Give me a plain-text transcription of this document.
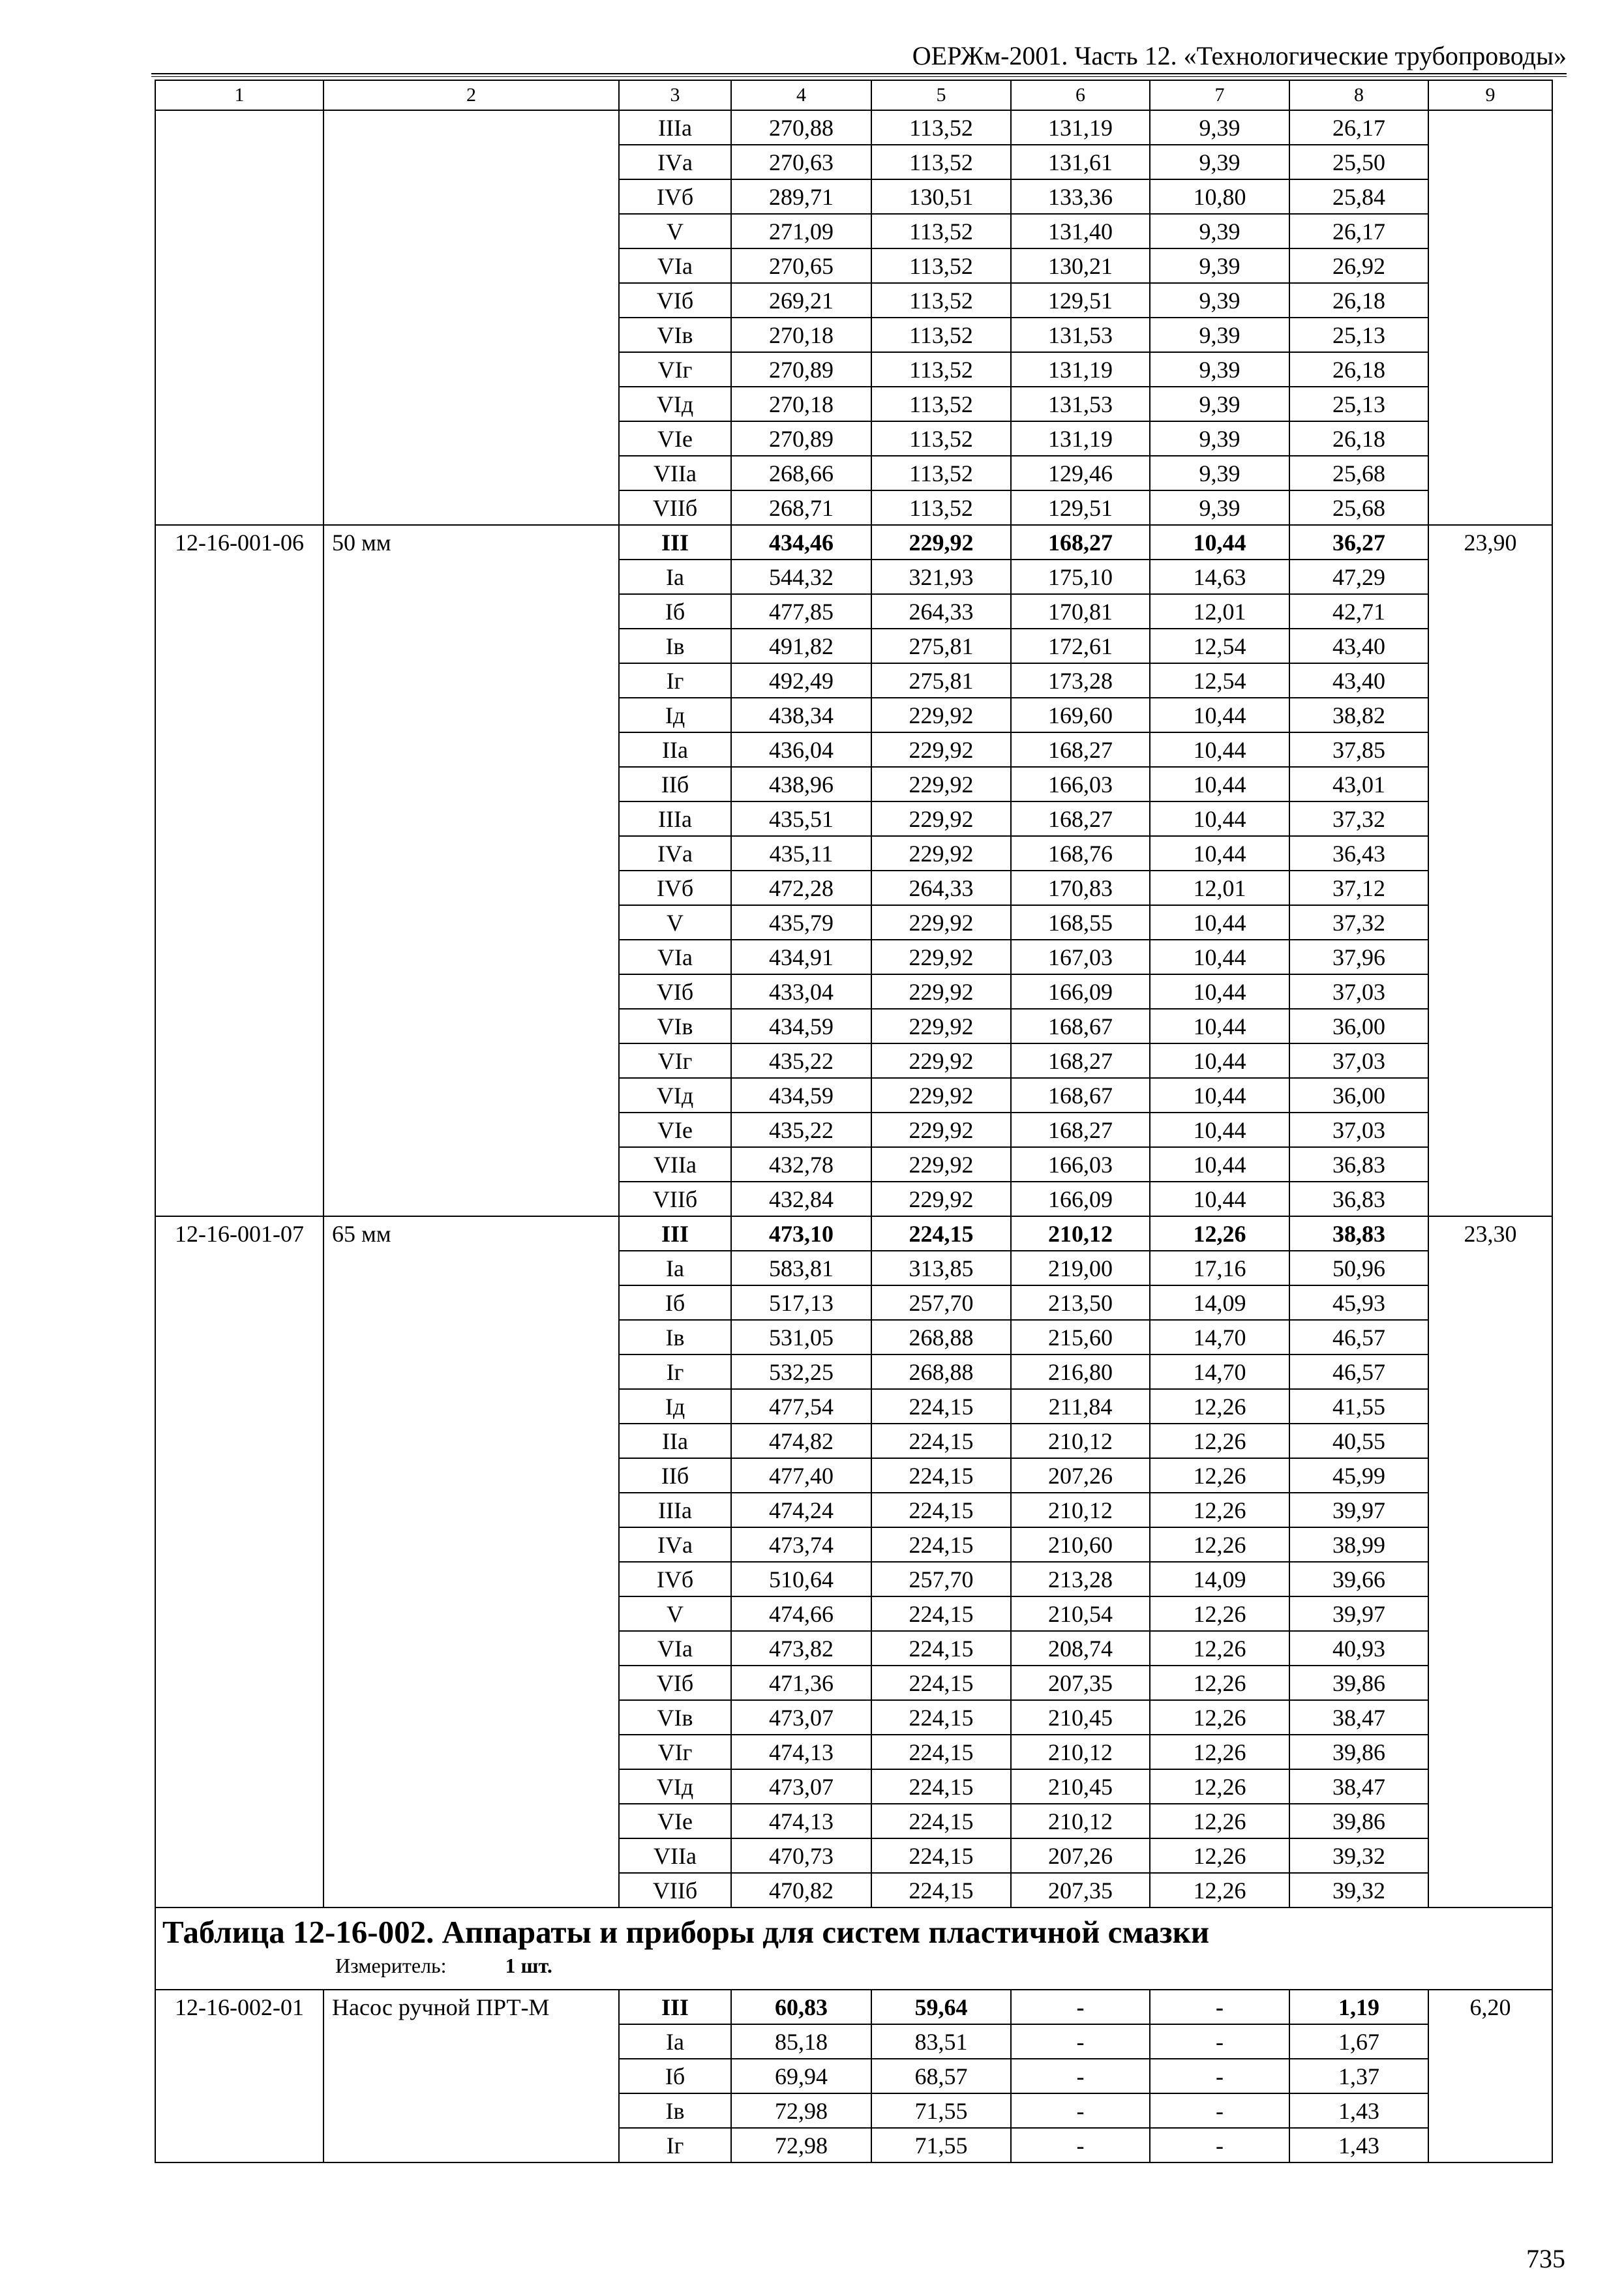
ОЕРЖм-2001. Часть 12. «Технологические трубопроводы»
1	2	3	4	5	6	7	8	9
		IIIа	270,88	113,52	131,19	9,39	26,17	
		IVа	270,63	113,52	131,61	9,39	25,50	
		IVб	289,71	130,51	133,36	10,80	25,84	
		V	271,09	113,52	131,40	9,39	26,17	
		VIа	270,65	113,52	130,21	9,39	26,92	
		VIб	269,21	113,52	129,51	9,39	26,18	
		VIв	270,18	113,52	131,53	9,39	25,13	
		VIг	270,89	113,52	131,19	9,39	26,18	
		VIд	270,18	113,52	131,53	9,39	25,13	
		VIе	270,89	113,52	131,19	9,39	26,18	
		VIIа	268,66	113,52	129,46	9,39	25,68	
		VIIб	268,71	113,52	129,51	9,39	25,68	
12-16-001-06	50 мм	III	434,46	229,92	168,27	10,44	36,27	23,90
		Iа	544,32	321,93	175,10	14,63	47,29	
		Iб	477,85	264,33	170,81	12,01	42,71	
		Iв	491,82	275,81	172,61	12,54	43,40	
		Iг	492,49	275,81	173,28	12,54	43,40	
		Iд	438,34	229,92	169,60	10,44	38,82	
		IIа	436,04	229,92	168,27	10,44	37,85	
		IIб	438,96	229,92	166,03	10,44	43,01	
		IIIа	435,51	229,92	168,27	10,44	37,32	
		IVа	435,11	229,92	168,76	10,44	36,43	
		IVб	472,28	264,33	170,83	12,01	37,12	
		V	435,79	229,92	168,55	10,44	37,32	
		VIа	434,91	229,92	167,03	10,44	37,96	
		VIб	433,04	229,92	166,09	10,44	37,03	
		VIв	434,59	229,92	168,67	10,44	36,00	
		VIг	435,22	229,92	168,27	10,44	37,03	
		VIд	434,59	229,92	168,67	10,44	36,00	
		VIе	435,22	229,92	168,27	10,44	37,03	
		VIIа	432,78	229,92	166,03	10,44	36,83	
		VIIб	432,84	229,92	166,09	10,44	36,83	
12-16-001-07	65 мм	III	473,10	224,15	210,12	12,26	38,83	23,30
		Iа	583,81	313,85	219,00	17,16	50,96	
		Iб	517,13	257,70	213,50	14,09	45,93	
		Iв	531,05	268,88	215,60	14,70	46,57	
		Iг	532,25	268,88	216,80	14,70	46,57	
		Iд	477,54	224,15	211,84	12,26	41,55	
		IIа	474,82	224,15	210,12	12,26	40,55	
		IIб	477,40	224,15	207,26	12,26	45,99	
		IIIа	474,24	224,15	210,12	12,26	39,97	
		IVа	473,74	224,15	210,60	12,26	38,99	
		IVб	510,64	257,70	213,28	14,09	39,66	
		V	474,66	224,15	210,54	12,26	39,97	
		VIа	473,82	224,15	208,74	12,26	40,93	
		VIб	471,36	224,15	207,35	12,26	39,86	
		VIв	473,07	224,15	210,45	12,26	38,47	
		VIг	474,13	224,15	210,12	12,26	39,86	
		VIд	473,07	224,15	210,45	12,26	38,47	
		VIе	474,13	224,15	210,12	12,26	39,86	
		VIIа	470,73	224,15	207,26	12,26	39,32	
		VIIб	470,82	224,15	207,35	12,26	39,32	

Таблица 12-16-002. Аппараты и приборы для систем пластичной смазки
Измеритель: 1 шт.								

12-16-002-01	Насос ручной ПРТ-М	III	60,83	59,64	-	-	1,19	6,20
		Iа	85,18	83,51	-	-	1,67	
		Iб	69,94	68,57	-	-	1,37	
		Iв	72,98	71,55	-	-	1,43	
		Iг	72,98	71,55	-	-	1,43	
735
